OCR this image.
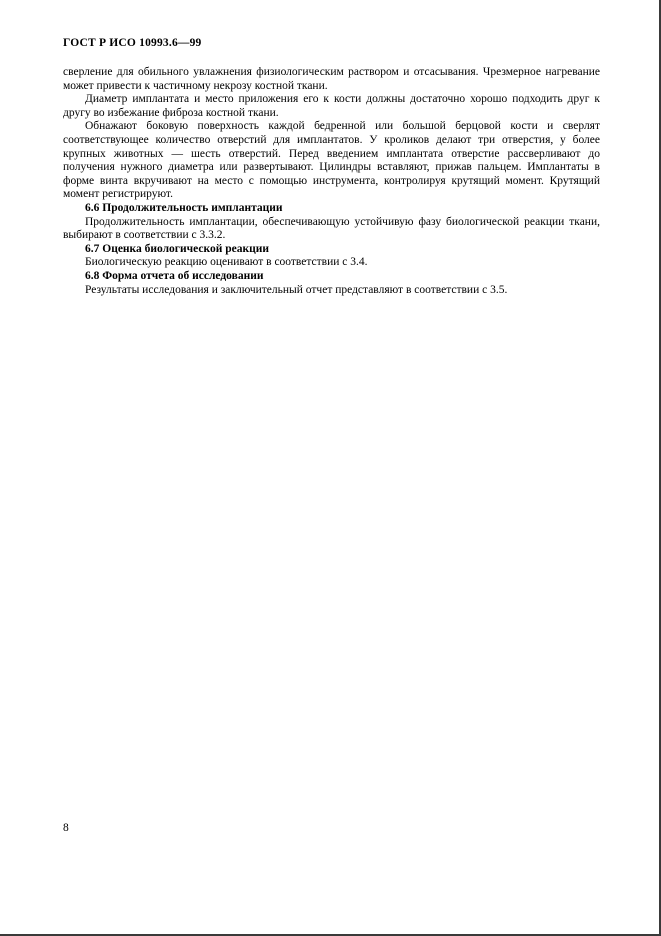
ГОСТ Р ИСО 10993.6—99

сверление для обильного увлажнения физиологическим раствором и отсасывания. Чрезмерное нагревание может привести к частичному некрозу костной ткани.

Диаметр имплантата и место приложения его к кости должны достаточно хорошо подходить друг к другу во избежание фиброза костной ткани.

Обнажают боковую поверхность каждой бедренной или большой берцовой кости и сверлят соответствующее количество отверстий для имплантатов. У кроликов делают три отверстия, у более крупных животных — шесть отверстий. Перед введением имплантата отверстие рассверливают до получения нужного диаметра или развертывают. Цилиндры вставляют, прижав пальцем. Имплантаты в форме винта вкручивают на место с помощью инструмента, контролируя крутящий момент. Крутящий момент регистрируют.

6.6 Продолжительность имплантации

Продолжительность имплантации, обеспечивающую устойчивую фазу биологической реакции ткани, выбирают в соответствии с 3.3.2.

6.7 Оценка биологической реакции

Биологическую реакцию оценивают в соответствии с 3.4.

6.8 Форма отчета об исследовании

Результаты исследования и заключительный отчет представляют в соответствии с 3.5.

8
